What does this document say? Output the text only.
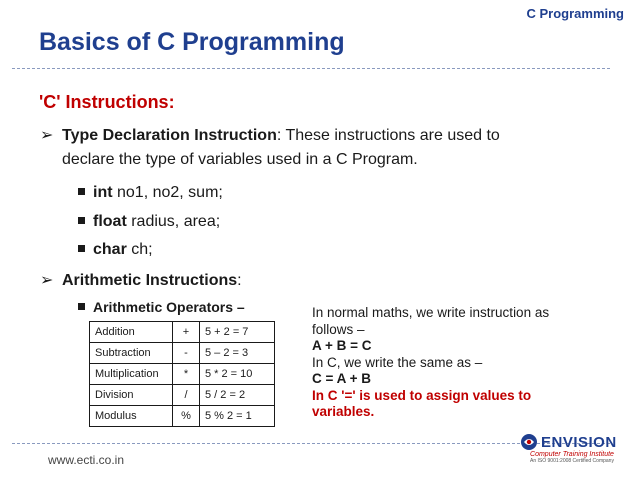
C Programming
Basics of C Programming
'C' Instructions:
➢ Type Declaration Instruction: These instructions are used to
declare the type of variables used in a C Program.
int no1, no2, sum;
float radius, area;
char ch;
➢ Arithmetic Instructions:
Arithmetic Operators –
Addition	+	5 + 2 = 7
Subtraction	-	5 – 2 = 3
Multiplication	*	5 * 2 = 10
Division	/	5 / 2 = 2
Modulus	%	5 % 2 = 1
In normal maths, we write instruction as
follows –
A + B = C
In C, we write the same as –
C = A + B
In C '=' is used to assign values to
variables.
www.ecti.co.in
ENVISION
Computer Training Institute
An ISO 9001:2008 Certified Company
